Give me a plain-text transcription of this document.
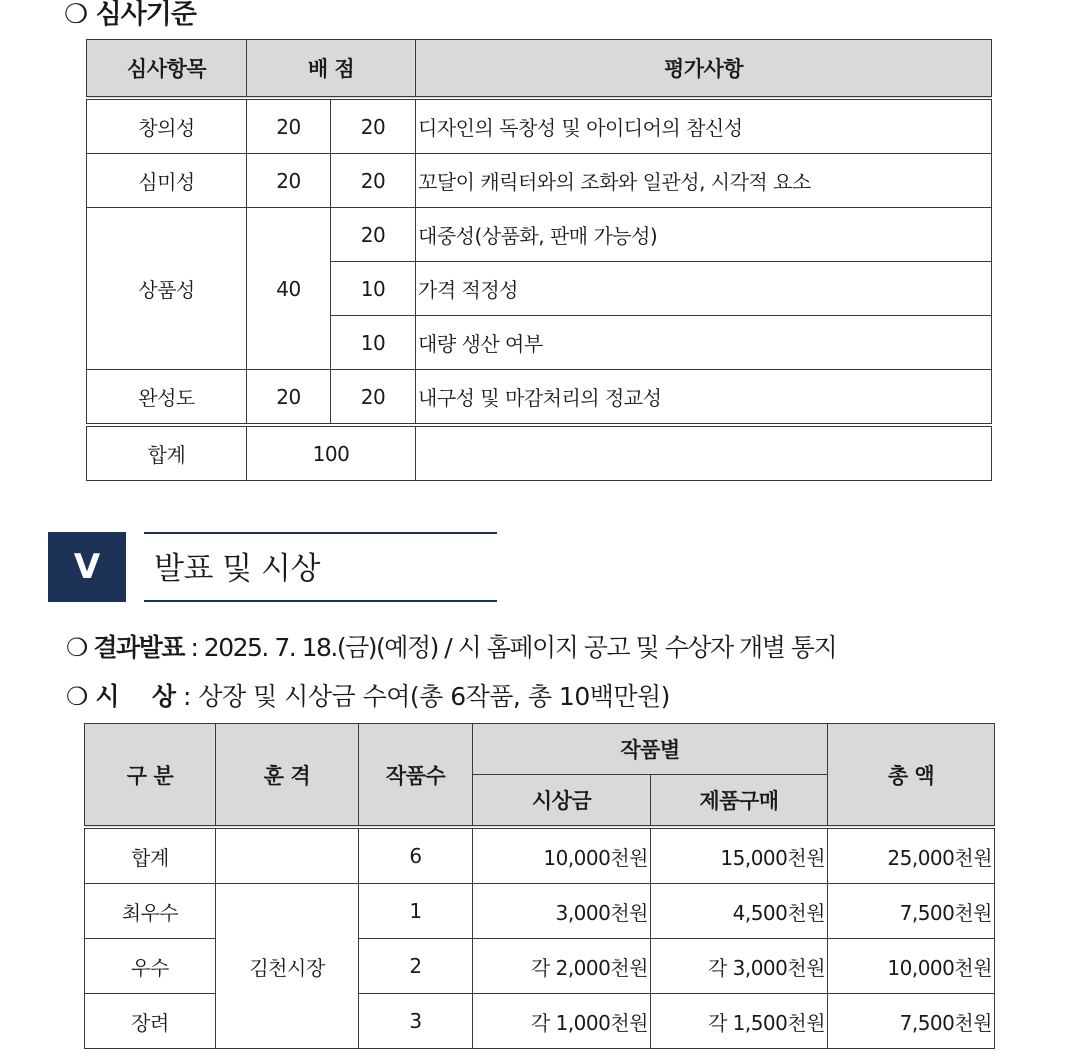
❍ 심사기준
심사항목	배 점		평가사항
창의성	20	20	디자인의 독창성 및 아이디어의 참신성
심미성	20	20	꼬달이 캐릭터와의 조화와 일관성, 시각적 요소
상품성	40	20	대중성(상품화, 판매 가능성)
		10	가격 적정성
		10	대량 생산 여부
완성도	20	20	내구성 및 마감처리의 정교성
합계	100		
V	발표 및 시상
❍ 결과발표 : 2025. 7. 18.(금)(예정) / 시 홈페이지 공고 및 수상자 개별 통지
❍ 시    상 : 상장 및 시상금 수여(총 6작품, 총 10백만원)
구 분	훈 격	작품수	작품별		총 액
			시상금	제품구매	
합계		6	10,000천원	15,000천원	25,000천원
최우수	김천시장	1	3,000천원	4,500천원	7,500천원
우수		2	각 2,000천원	각 3,000천원	10,000천원
장려		3	각 1,000천원	각 1,500천원	7,500천원
